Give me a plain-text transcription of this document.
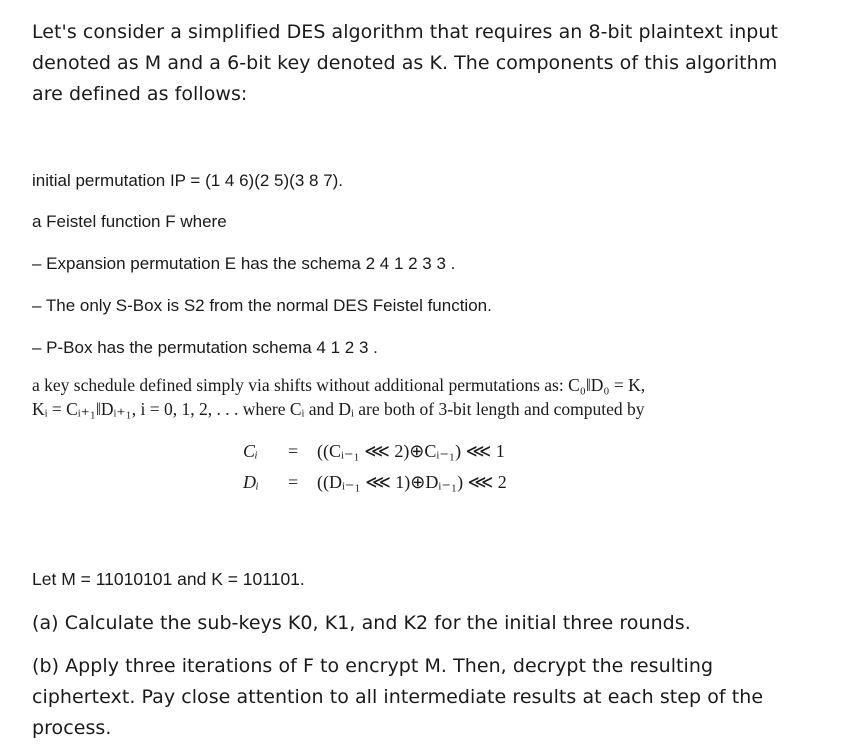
Let's consider a simplified DES algorithm that requires an 8-bit plaintext input denoted as M and a 6-bit key denoted as K. The components of this algorithm are defined as follows:

initial permutation IP = (1 4 6)(2 5)(3 8 7).

a Feistel function F where

– Expansion permutation E has the schema 2 4 1 2 3 3 .

– The only S-Box is S2 from the normal DES Feistel function.

– P-Box has the permutation schema 4 1 2 3 .

a key schedule defined simply via shifts without additional permutations as: C₀‖D₀ = K,

Kᵢ = Cᵢ₊₁‖Dᵢ₊₁, i = 0, 1, 2, . . . where Cᵢ and Dᵢ are both of 3-bit length and computed by

Cᵢ = ((Cᵢ₋₁ ⋘ 2)⊕Cᵢ₋₁) ⋘ 1
Dᵢ = ((Dᵢ₋₁ ⋘ 1)⊕Dᵢ₋₁) ⋘ 2

Let M = 11010101 and K = 101101.

(a) Calculate the sub-keys K0, K1, and K2 for the initial three rounds.

(b) Apply three iterations of F to encrypt M. Then, decrypt the resulting ciphertext. Pay close attention to all intermediate results at each step of the process.
